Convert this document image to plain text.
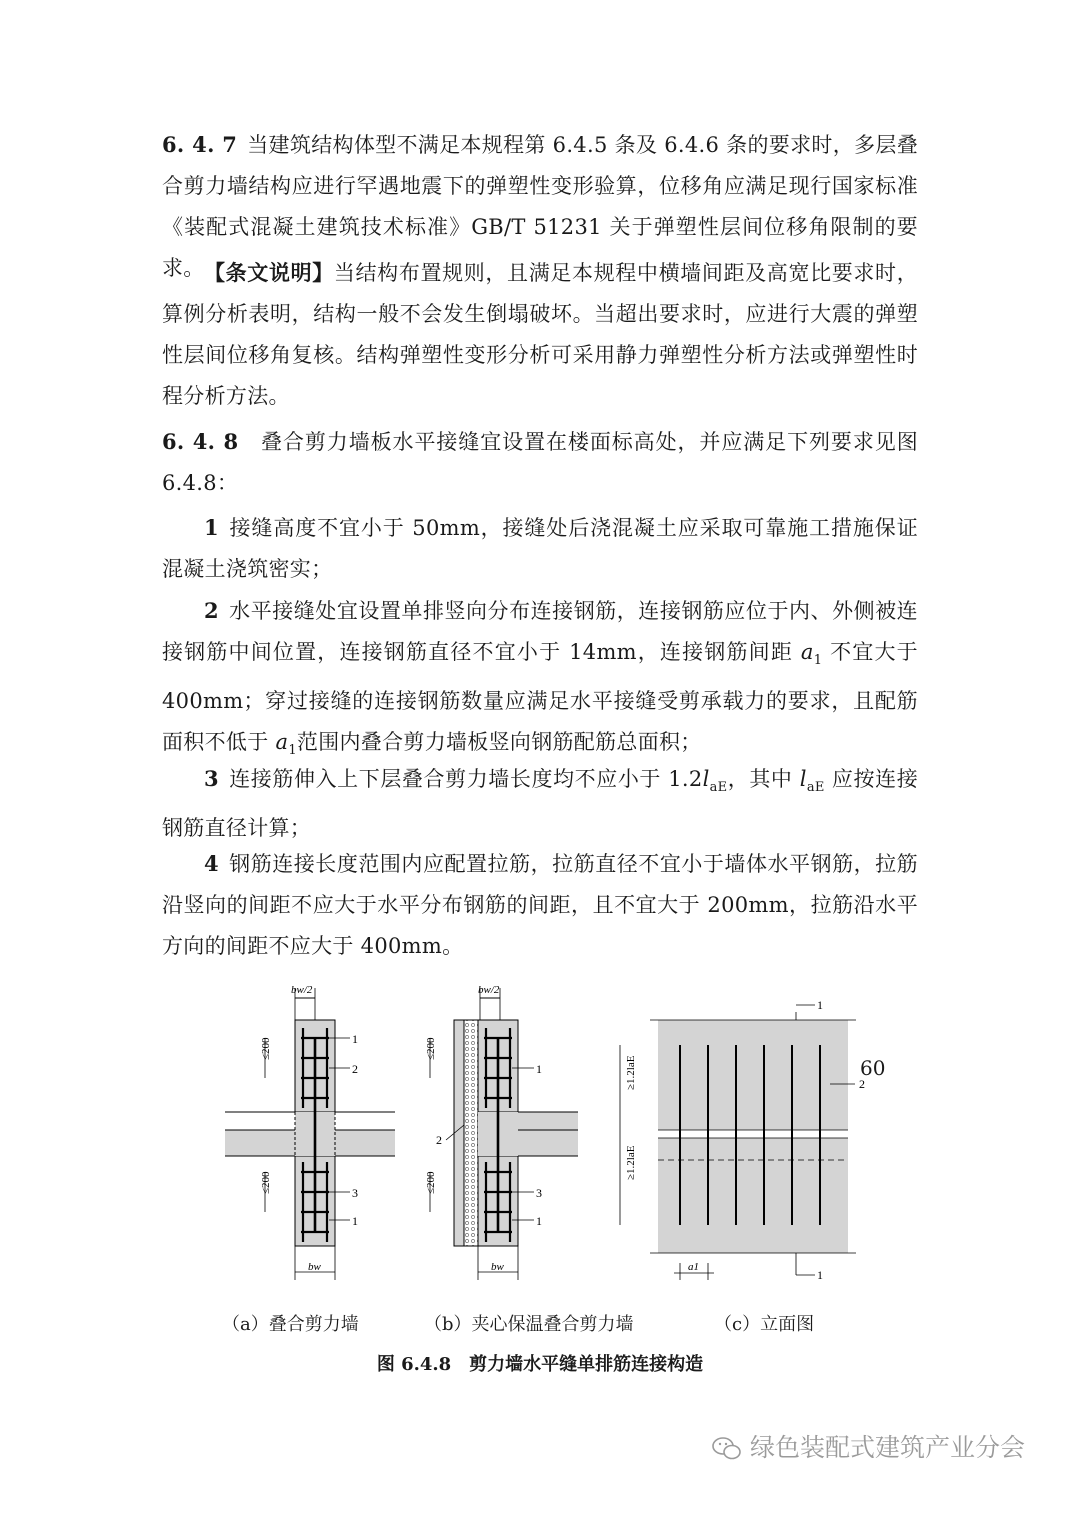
6. 4. 7 当建筑结构体型不满足本规程第 6.4.5 条及 6.4.6 条的要求时，多层叠合剪力墙结构应进行罕遇地震下的弹塑性变形验算，位移角应满足现行国家标准《装配式混凝土建筑技术标准》GB/T 51231 关于弹塑性层间位移角限制的要求。 【条文说明】当结构布置规则，且满足本规程中横墙间距及高宽比要求时，算例分析表明，结构一般不会发生倒塌破坏。当超出要求时，应进行大震的弹塑性层间位移角复核。结构弹塑性变形分析可采用静力弹塑性分析方法或弹塑性时程分析方法。

6. 4. 8 叠合剪力墙板水平接缝宜设置在楼面标高处，并应满足下列要求见图 6.4.8：

1 接缝高度不宜小于 50mm，接缝处后浇混凝土应采取可靠施工措施保证混凝土浇筑密实；

2 水平接缝处宜设置单排竖向分布连接钢筋，连接钢筋应位于内、外侧被连接钢筋中间位置，连接钢筋直径不宜小于 14mm，连接钢筋间距 $a_1$ 不宜大于 400mm；穿过接缝的连接钢筋数量应满足水平接缝受剪承载力的要求，且配筋面积不低于 $a_1$范围内叠合剪力墙板竖向钢筋配筋总面积；

3 连接筋伸入上下层叠合剪力墙长度均不应小于 $1.2l_{aE}$，其中 $l_{aE}$ 应按连接钢筋直径计算；

4 钢筋连接长度范围内应配置拉筋，拉筋直径不宜小于墙体水平钢筋，拉筋沿竖向的间距不应大于水平分布钢筋的间距，且不宜大于 200mm，拉筋沿水平方向的间距不应大于 400mm。

bw/2
≤200
≤200
1
2
3
1
bw
（a）叠合剪力墙
bw/2
≤200
≤200
1
2
3
1
bw
（b）夹心保温叠合剪力墙
≥1.2laE
≥1.2laE
1
2
1
a1
（c）立面图
图 6.4.8　剪力墙水平缝单排筋连接构造
60
绿色装配式建筑产业分会
